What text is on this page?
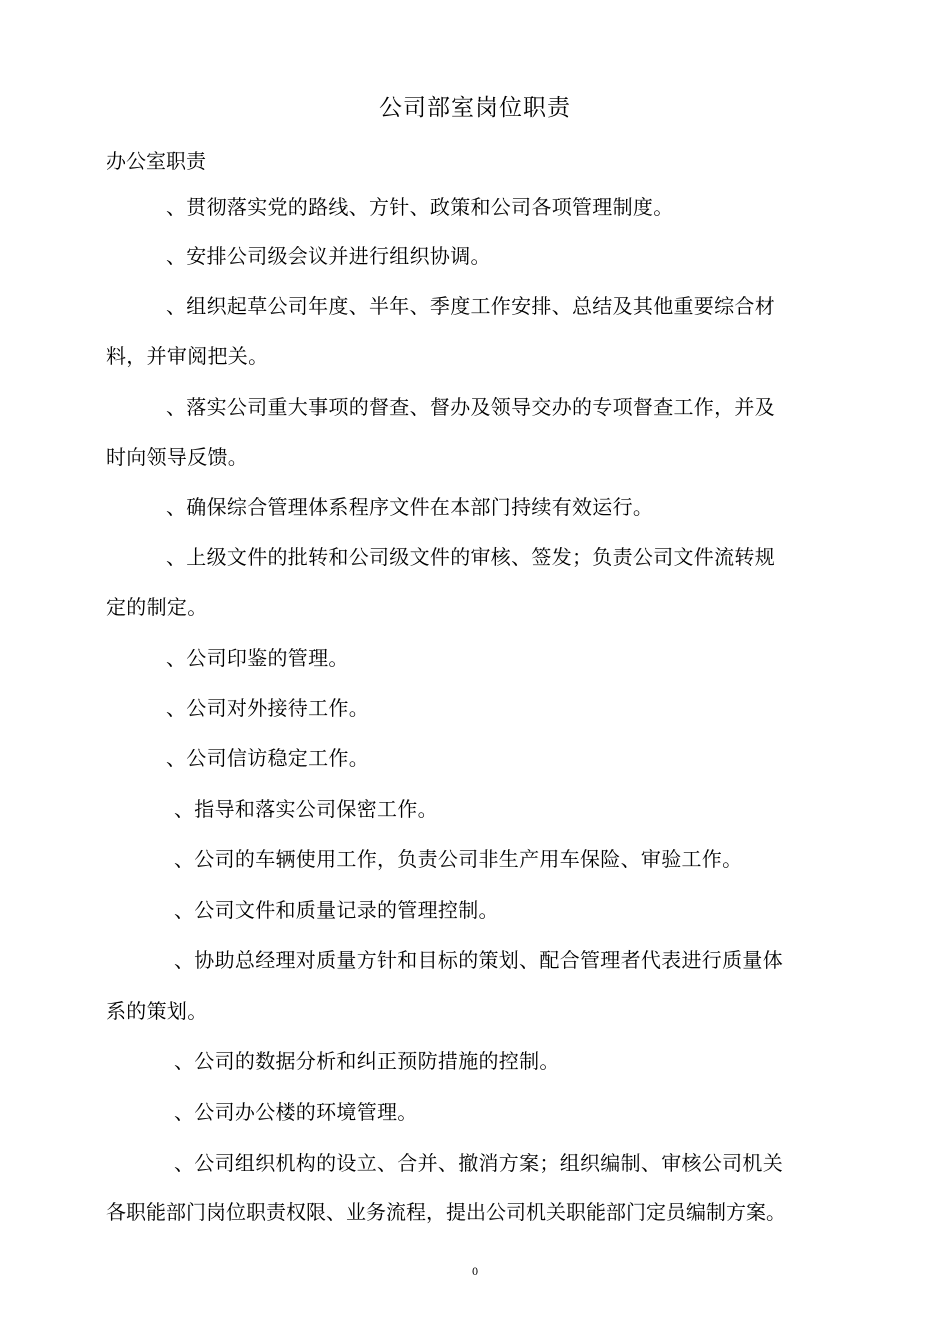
公司部室岗位职责
办公室职责
、贯彻落实党的路线、方针、政策和公司各项管理制度。
、安排公司级会议并进行组织协调。
、组织起草公司年度、半年、季度工作安排、总结及其他重要综合材
料，并审阅把关。
、落实公司重大事项的督查、督办及领导交办的专项督查工作，并及
时向领导反馈。
、确保综合管理体系程序文件在本部门持续有效运行。
、上级文件的批转和公司级文件的审核、签发；负责公司文件流转规
定的制定。
、公司印鉴的管理。
、公司对外接待工作。
、公司信访稳定工作。
、指导和落实公司保密工作。
、公司的车辆使用工作，负责公司非生产用车保险、审验工作。
、公司文件和质量记录的管理控制。
、协助总经理对质量方针和目标的策划、配合管理者代表进行质量体
系的策划。
、公司的数据分析和纠正预防措施的控制。
、公司办公楼的环境管理。
、公司组织机构的设立、合并、撤消方案；组织编制、审核公司机关
各职能部门岗位职责权限、业务流程，提出公司机关职能部门定员编制方案。
0
